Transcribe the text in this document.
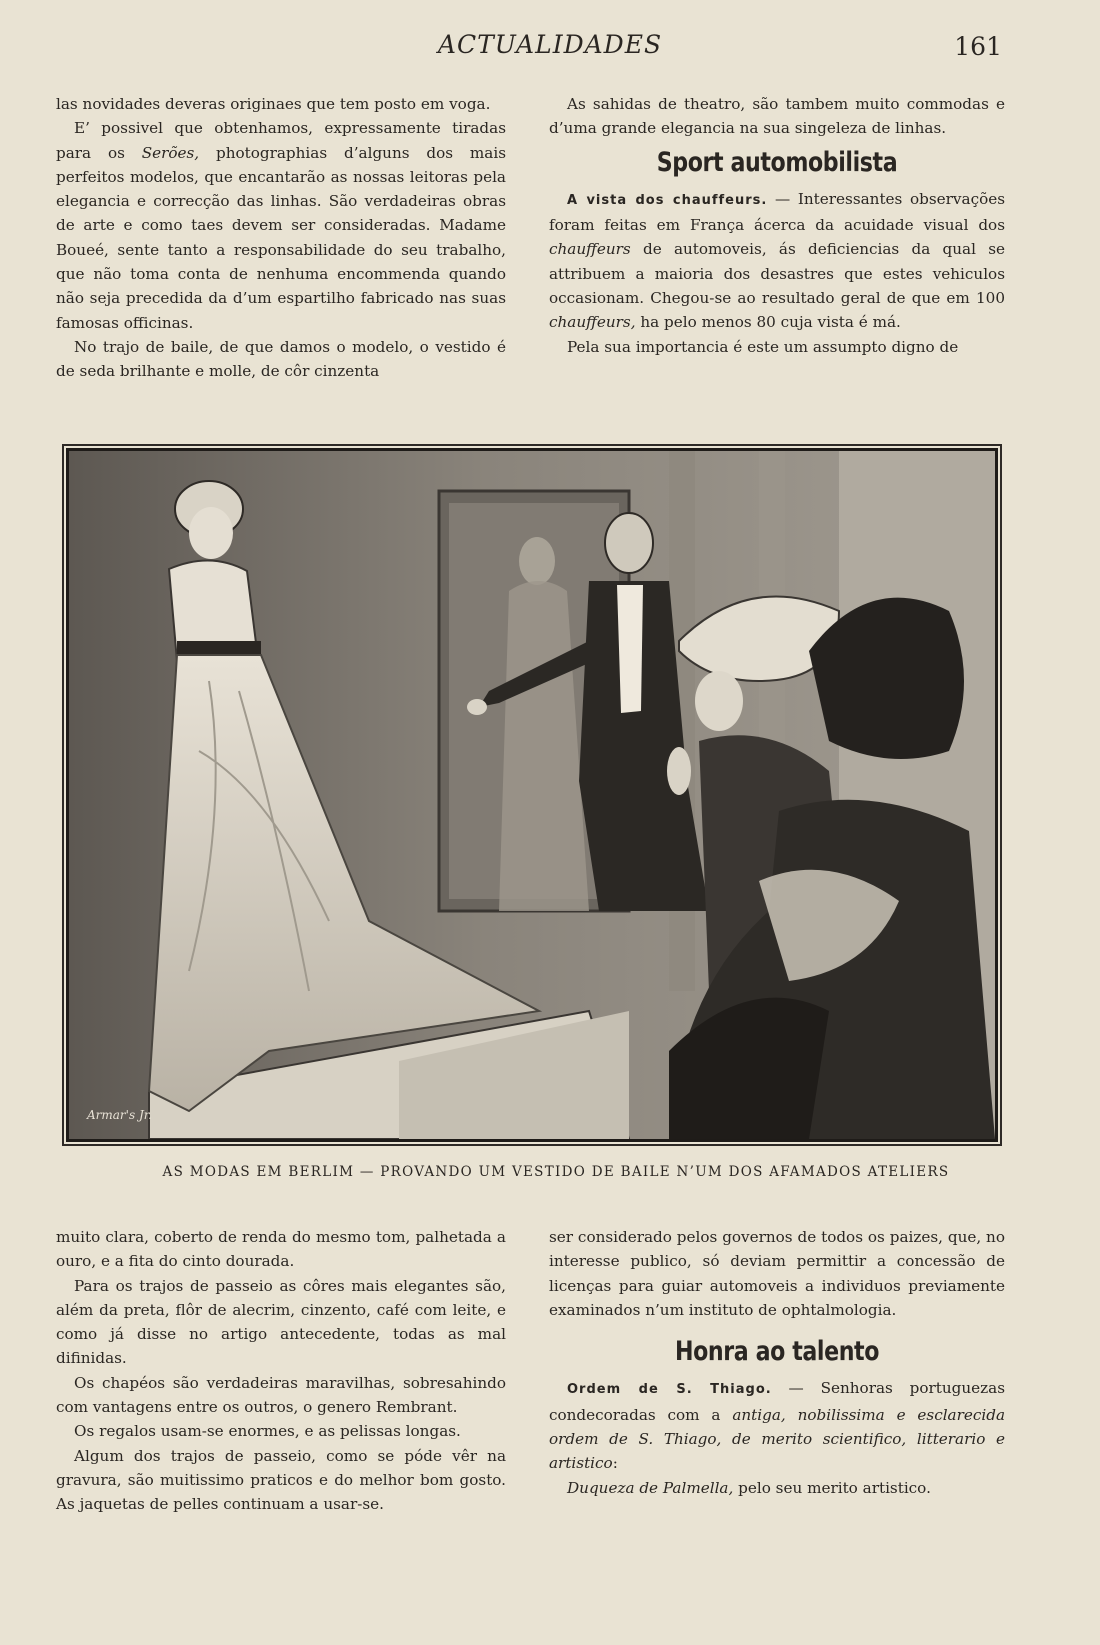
ACTUALIDADES	161

las novidades deveras originaes que tem posto em voga.

E’ possivel que obtenhamos, expressamente tiradas para os Serões, photographias d’alguns dos mais perfeitos modelos, que encantarão as nossas leitoras pela elegancia e correcção das linhas. São verdadeiras obras de arte e como taes devem ser consideradas. Madame Boueé, sente tanto a responsabilidade do seu trabalho, que não toma conta de nenhuma encommenda quando não seja precedida da d’um espartilho fabricado nas suas famosas officinas.

No trajo de baile, de que damos o modelo, o vestido é de seda brilhante e molle, de côr cinzenta

As sahidas de theatro, são tambem muito commodas e d’uma grande elegancia na sua singeleza de linhas.

Sport automobilista

A vista dos chauffeurs. — Interessantes observações foram feitas em França ácerca da acuidade visual dos chauffeurs de automoveis, ás deficiencias da qual se attribuem a maioria dos desastres que estes vehiculos occasionam. Chegou-se ao resultado geral de que em 100 chauffeurs, ha pelo menos 80 cuja vista é má.

Pela sua importancia é este um assumpto digno de

Armar's Jr.
AS MODAS EM BERLIM — PROVANDO UM VESTIDO DE BAILE N’UM DOS AFAMADOS ATELIERS

muito clara, coberto de renda do mesmo tom, palhetada a ouro, e a fita do cinto dourada.

Para os trajos de passeio as côres mais elegantes são, além da preta, flôr de alecrim, cinzento, café com leite, e como já disse no artigo antecedente, todas as mal difinidas.

Os chapéos são verdadeiras maravilhas, sobresahindo com vantagens entre os outros, o genero Rembrant.

Os regalos usam-se enormes, e as pelissas longas.

Algum dos trajos de passeio, como se póde vêr na gravura, são muitissimo praticos e do melhor bom gosto. As jaquetas de pelles continuam a usar-se.

ser considerado pelos governos de todos os paizes, que, no interesse publico, só deviam permittir a concessão de licenças para guiar automoveis a individuos previamente examinados n’um instituto de ophtalmologia.

Honra ao talento

Ordem de S. Thiago. — Senhoras portuguezas condecoradas com a antiga, nobilissima e esclarecida ordem de S. Thiago, de merito scientifico, litterario e artistico:

Duqueza de Palmella, pelo seu merito artistico.
